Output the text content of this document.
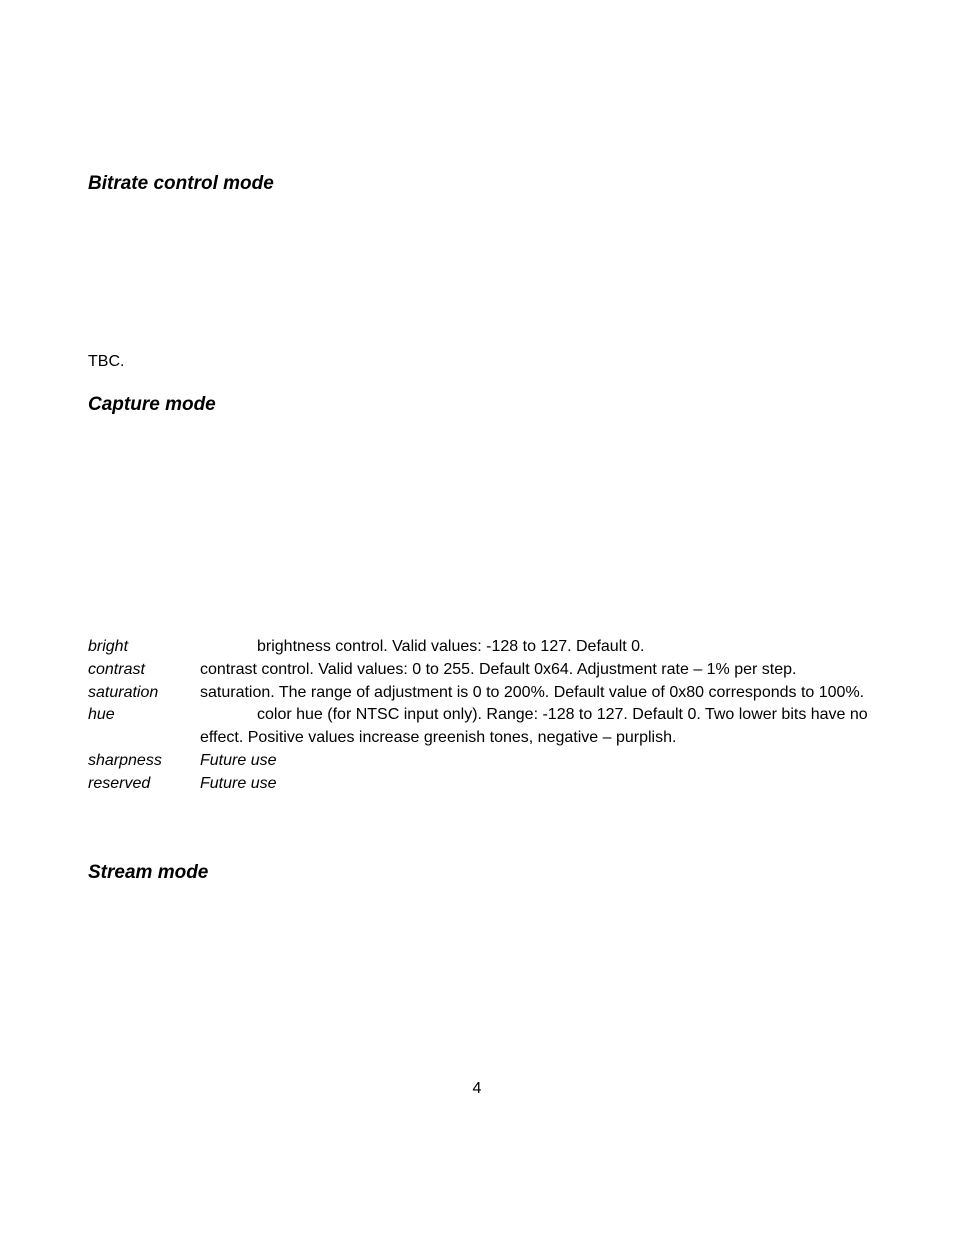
Bitrate control mode

TBC.

Capture mode
bright	brightness control. Valid values: -128 to 127. Default 0.
contrast	contrast control. Valid values: 0 to 255. Default 0x64. Adjustment rate – 1% per step.
saturation	saturation. The range of adjustment is 0 to 200%. Default value of 0x80 corresponds to 100%.
hue	color hue (for NTSC input only). Range: -128 to 127. Default 0. Two lower bits have no effect. Positive values increase greenish tones, negative – purplish.
sharpness	Future use
reserved	Future use
Stream mode
4
